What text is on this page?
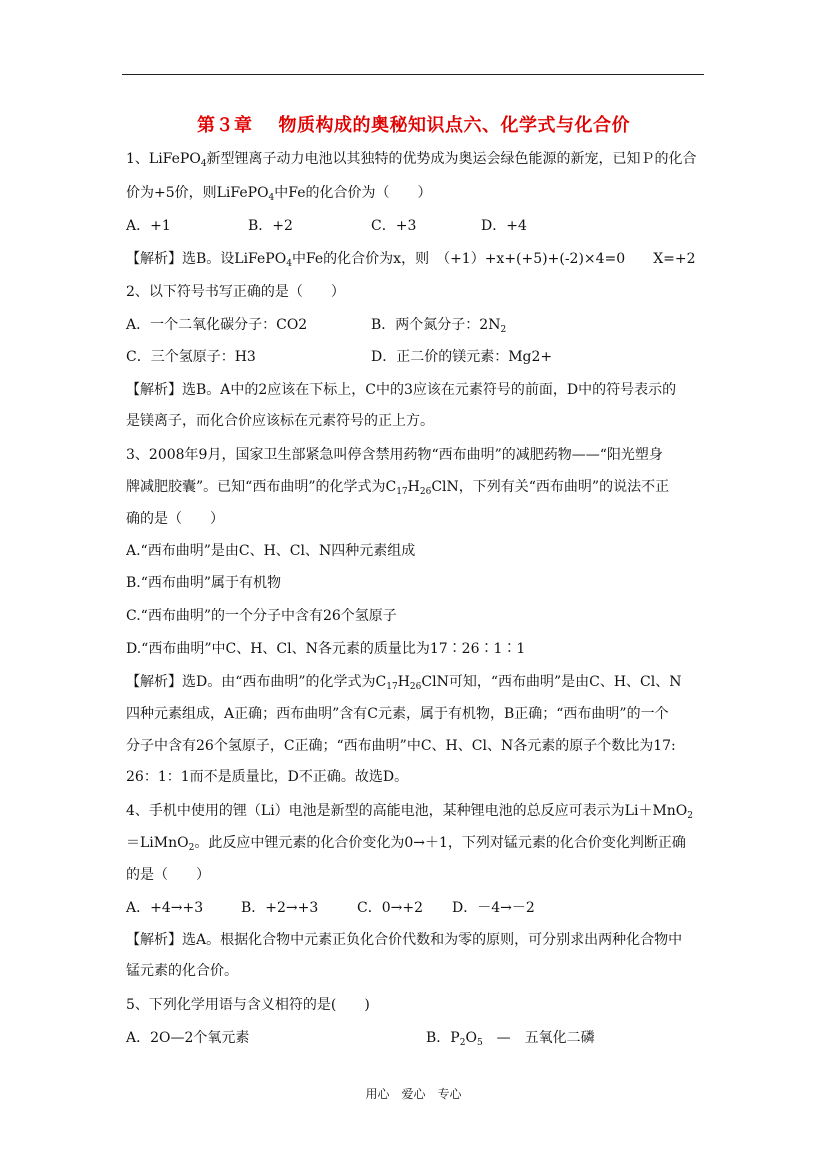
第３章 物质构成的奥秘知识点六、化学式与化合价
1、LiFePO$_4$新型锂离子动力电池以其独特的优势成为奥运会绿色能源的新宠，已知Ｐ的化合
价为+5价，则LiFePO$_4$中Fe的化合价为（　　）
A．+1	B．+2	C．+3	D．+4
【解析】选B。设LiFePO$_4$中Fe的化合价为x，则　（+1）+x+(+5)+(-2)×4=0　　X=+2
2、以下符号书写正确的是（　　）
A．一个二氧化碳分子：CO2	B．两个氮分子：$2N_2$
C．三个氢原子：H3	D．正二价的镁元素：Mg2+
【解析】选B。A中的2应该在下标上，C中的3应该在元素符号的前面，D中的符号表示的
是镁离子，而化合价应该标在元素符号的正上方。
3、2008年9月，国家卫生部紧急叫停含禁用药物“西布曲明”的减肥药物——“阳光塑身
牌减肥胶囊”。已知“西布曲明”的化学式为$C_{17}H_{26}ClN$，下列有关“西布曲明”的说法不正
确的是（　　）
A.“西布曲明”是由C、H、Cl、N四种元素组成
B.“西布曲明”属于有机物
C.“西布曲明”的一个分子中含有26个氢原子
D.“西布曲明”中C、H、Cl、N各元素的质量比为17∶26∶1∶1
【解析】选D。由“西布曲明”的化学式为$C_{17}H_{26}ClN$可知，“西布曲明”是由C、H、Cl、N
四种元素组成，A正确；西布曲明”含有C元素，属于有机物，B正确；“西布曲明”的一个
分子中含有26个氢原子，C正确；“西布曲明”中C、H、Cl、N各元素的原子个数比为17:
26：1：1而不是质量比，D不正确。故选D。
4、手机中使用的锂（Li）电池是新型的高能电池，某种锂电池的总反应可表示为Li＋MnO$_2$
＝LiMnO$_2$。此反应中锂元素的化合价变化为0→＋1，下列对锰元素的化合价变化判断正确
的是（　　）
A．+4→+3	B．+2→+3	C．0→+2 D．－4→－2
【解析】选A。根据化合物中元素正负化合价代数和为零的原则，可分别求出两种化合物中
锰元素的化合价。
5、下列化学用语与含义相符的是(　　)
A．2O—2个氧元素	B．$P_2O_5$　—　五氧化二磷
用心　爱心　专心
